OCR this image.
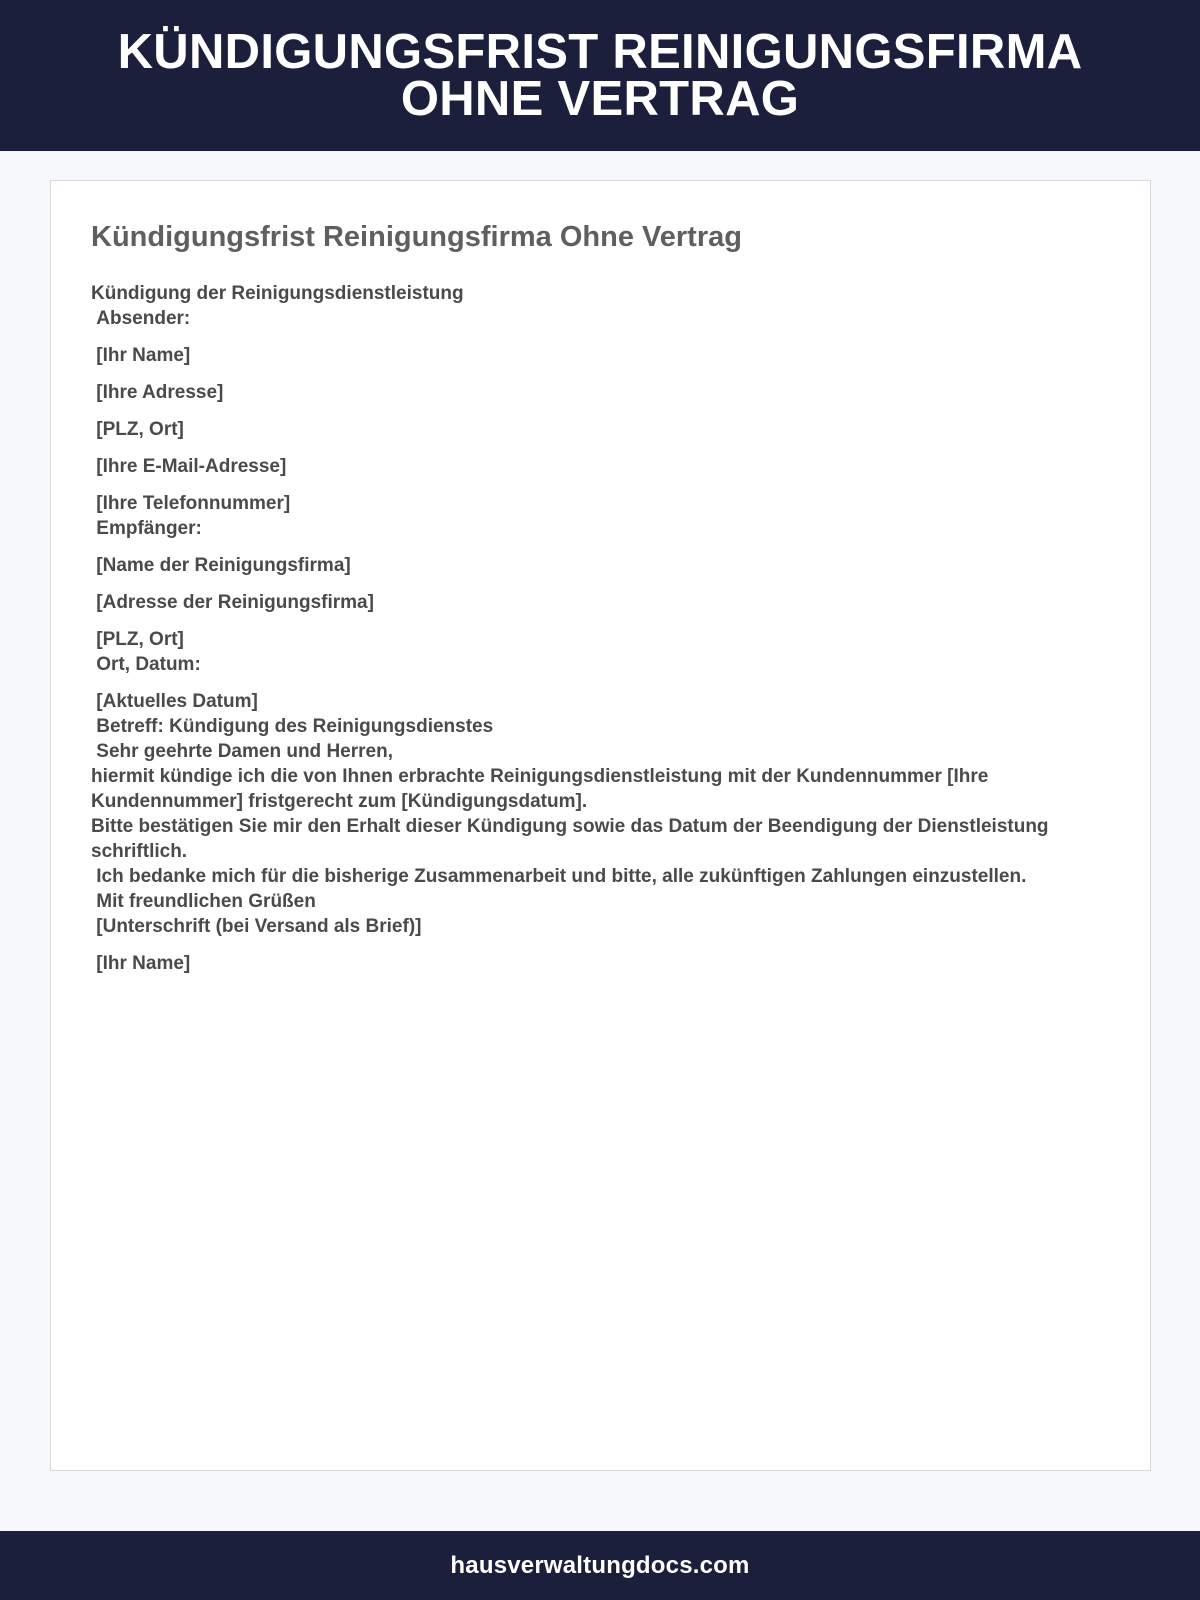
KÜNDIGUNGSFRIST REINIGUNGSFIRMA OHNE VERTRAG
Kündigungsfrist Reinigungsfirma Ohne Vertrag
Kündigung der Reinigungsdienstleistung
Absender:
[Ihr Name]
[Ihre Adresse]
[PLZ, Ort]
[Ihre E-Mail-Adresse]
[Ihre Telefonnummer]
Empfänger:
[Name der Reinigungsfirma]
[Adresse der Reinigungsfirma]
[PLZ, Ort]
Ort, Datum:
[Aktuelles Datum]
Betreff: Kündigung des Reinigungsdienstes
Sehr geehrte Damen und Herren,
hiermit kündige ich die von Ihnen erbrachte Reinigungsdienstleistung mit der Kundennummer [Ihre Kundennummer] fristgerecht zum [Kündigungsdatum].
Bitte bestätigen Sie mir den Erhalt dieser Kündigung sowie das Datum der Beendigung der Dienstleistung schriftlich.
Ich bedanke mich für die bisherige Zusammenarbeit und bitte, alle zukünftigen Zahlungen einzustellen.
Mit freundlichen Grüßen
[Unterschrift (bei Versand als Brief)]
[Ihr Name]
hausverwaltungdocs.com
